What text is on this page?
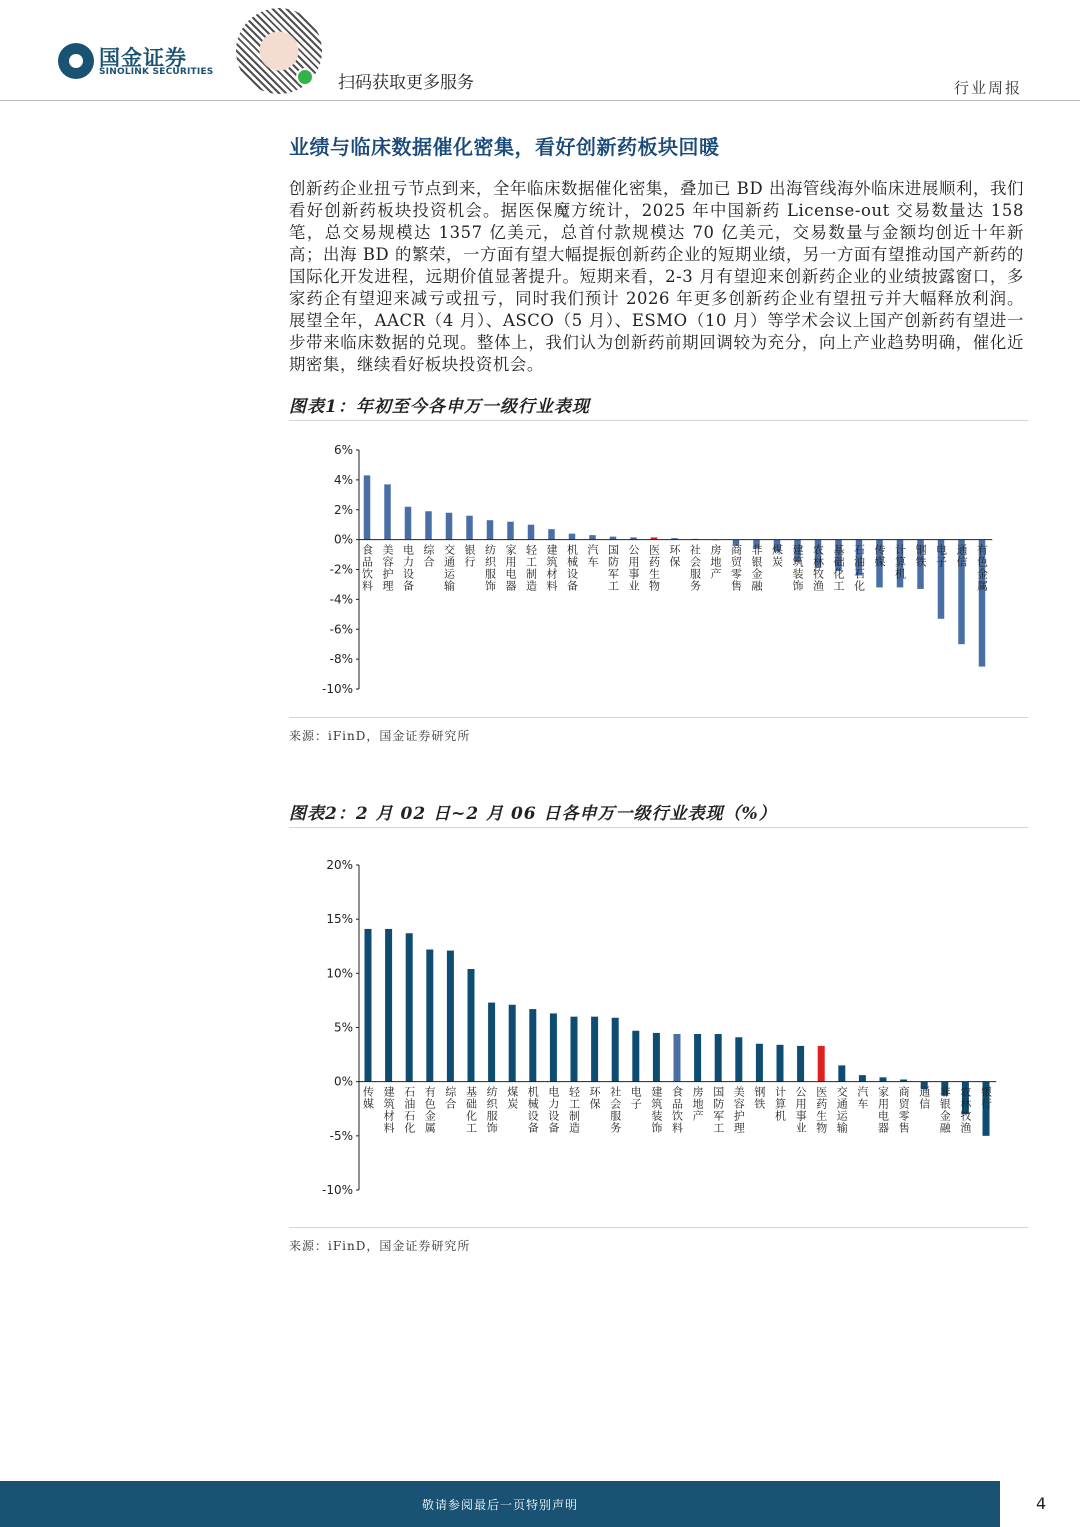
国金证券
SINOLINK SECURITIES
扫码获取更多服务	行业周报
业绩与临床数据催化密集，看好创新药板块回暖
创新药企业扭亏节点到来，全年临床数据催化密集，叠加已 BD 出海管线海外临床进展顺利，我们看好创新药板块投资机会。据医保魔方统计，2025 年中国新药 License-out 交易数量达 158 笔，总交易规模达 1357 亿美元，总首付款规模达 70 亿美元，交易数量与金额均创近十年新高；出海 BD 的繁荣，一方面有望大幅提振创新药企业的短期业绩，另一方面有望推动国产新药的国际化开发进程，远期价值显著提升。短期来看，2-3 月有望迎来创新药企业的业绩披露窗口，多家药企有望迎来减亏或扭亏，同时我们预计 2026 年更多创新药企业有望扭亏并大幅释放利润。展望全年，AACR（4 月）、ASCO（5 月）、ESMO（10 月）等学术会议上国产创新药有望进一步带来临床数据的兑现。整体上，我们认为创新药前期回调较为充分，向上产业趋势明确，催化近期密集，继续看好板块投资机会。
图表1：年初至今各申万一级行业表现
6%
4%
2%
0%
-2%
-4%
-6%
-8%
-10%
食品饮料 美容护理 电力设备 综合 交通运输 银行 纺织服饰 家用电器 轻工制造 建筑材料 机械设备 汽车 国防军工 公用事业 医药生物 环保 社会服务 房地产 商贸零售 非银金融 煤炭 建筑装饰 农林牧渔 基础化工 石油石化 传媒 计算机 钢铁 电子 通信 有色金属
来源：iFinD，国金证券研究所
图表2：2 月 02 日~2 月 06 日各申万一级行业表现（%）
20%
15%
10%
5%
0%
-5%
-10%
传媒 建筑材料 石油石化 有色金属 综合 基础化工 纺织服饰 煤炭 机械设备 电力设备 轻工制造 环保 社会服务 电子 建筑装饰 食品饮料 房地产 国防军工 美容护理 钢铁 计算机 公用事业 医药生物 交通运输 汽车 家用电器 商贸零售 通信 非银金融 农林牧渔 银行
来源：iFinD，国金证券研究所
敬请参阅最后一页特别声明	4
